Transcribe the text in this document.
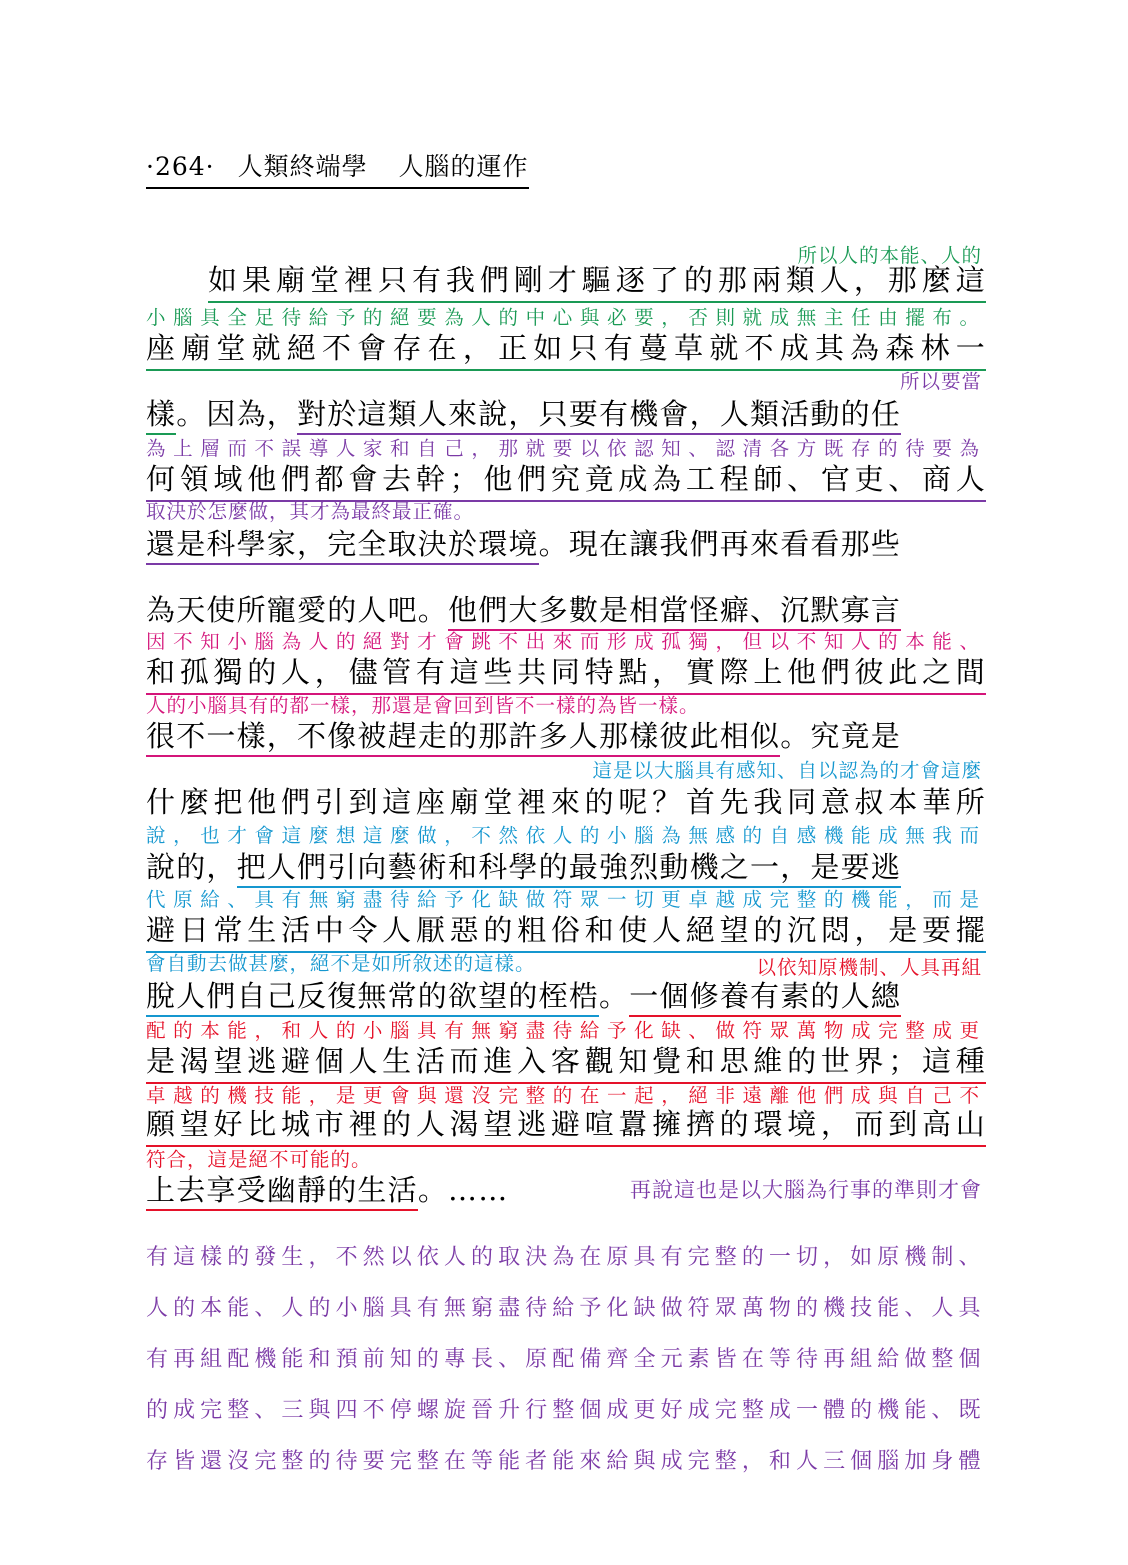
·264· 人類終端學 人腦的運作
所以人的本能、人的
如果廟堂裡只有我們剛才驅逐了的那兩類人，那麼這
小腦具全足待給予的絕要為人的中心與必要，否則就成無主任由擺布。
座廟堂就絕不會存在，正如只有蔓草就不成其為森林一
所以要當
樣。因為，對於這類人來說，只要有機會，人類活動的任
為上層而不誤導人家和自己，那就要以依認知、認清各方既存的待要為
何領域他們都會去幹；他們究竟成為工程師、官吏、商人
取決於怎麼做，其才為最終最正確。
還是科學家，完全取決於環境。現在讓我們再來看看那些
為天使所寵愛的人吧。他們大多數是相當怪癖、沉默寡言
因不知小腦為人的絕對才會跳不出來而形成孤獨，但以不知人的本能、
和孤獨的人，儘管有這些共同特點，實際上他們彼此之間
人的小腦具有的都一樣，那還是會回到皆不一樣的為皆一樣。
很不一樣，不像被趕走的那許多人那樣彼此相似。究竟是
這是以大腦具有感知、自以認為的才會這麼
什麼把他們引到這座廟堂裡來的呢？首先我同意叔本華所
說，也才會這麼想這麼做，不然依人的小腦為無感的自感機能成無我而
說的，把人們引向藝術和科學的最強烈動機之一，是要逃
代原給、具有無窮盡待給予化缺做符眾一切更卓越成完整的機能，而是
避日常生活中令人厭惡的粗俗和使人絕望的沉悶，是要擺
會自動去做甚麼，絕不是如所敘述的這樣。	以依知原機制、人具再組
脫人們自己反復無常的欲望的桎梏。一個修養有素的人總
配的本能，和人的小腦具有無窮盡待給予化缺、做符眾萬物成完整成更
是渴望逃避個人生活而進入客觀知覺和思維的世界；這種
卓越的機技能，是更會與還沒完整的在一起，絕非遠離他們成與自己不
願望好比城市裡的人渴望逃避喧囂擁擠的環境，而到高山
符合，這是絕不可能的。
上去享受幽靜的生活。……	再說這也是以大腦為行事的準則才會
有這樣的發生，不然以依人的取決為在原具有完整的一切，如原機制、
人的本能、人的小腦具有無窮盡待給予化缺做符眾萬物的機技能、人具
有再組配機能和預前知的專長、原配備齊全元素皆在等待再組給做整個
的成完整、三與四不停螺旋晉升行整個成更好成完整成一體的機能、既
存皆還沒完整的待要完整在等能者能來給與成完整，和人三個腦加身體
